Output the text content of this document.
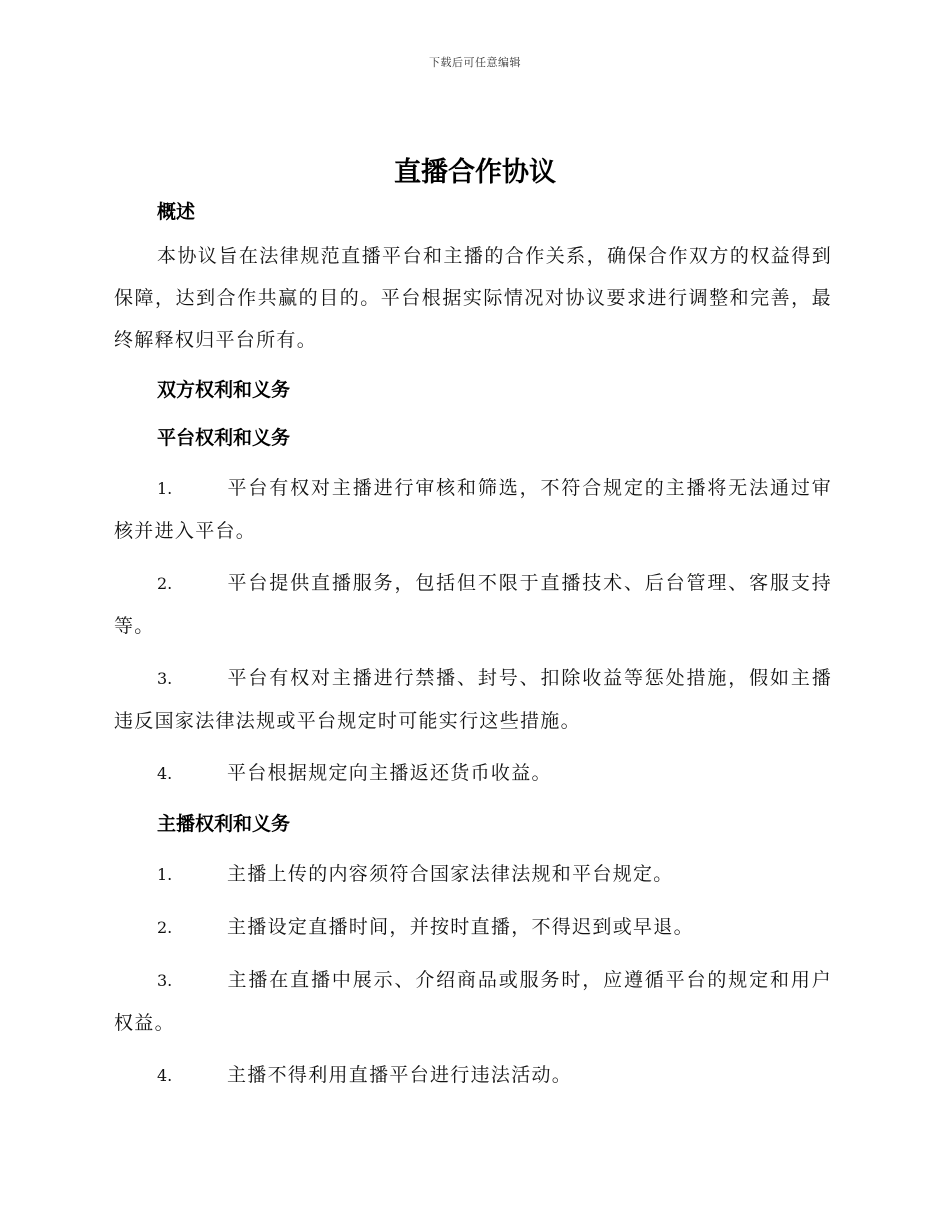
下载后可任意编辑
直播合作协议

概述

本协议旨在法律规范直播平台和主播的合作关系，确保合作双方的权益得到保障，达到合作共赢的目的。平台根据实际情况对协议要求进行调整和完善，最终解释权归平台所有。

双方权利和义务

平台权利和义务

1.	平台有权对主播进行审核和筛选，不符合规定的主播将无法通过审核并进入平台。

2.	平台提供直播服务，包括但不限于直播技术、后台管理、客服支持等。

3.	平台有权对主播进行禁播、封号、扣除收益等惩处措施，假如主播违反国家法律法规或平台规定时可能实行这些措施。

4.	平台根据规定向主播返还货币收益。

主播权利和义务

1.	主播上传的内容须符合国家法律法规和平台规定。

2.	主播设定直播时间，并按时直播，不得迟到或早退。

3.	主播在直播中展示、介绍商品或服务时，应遵循平台的规定和用户权益。

4.	主播不得利用直播平台进行违法活动。
